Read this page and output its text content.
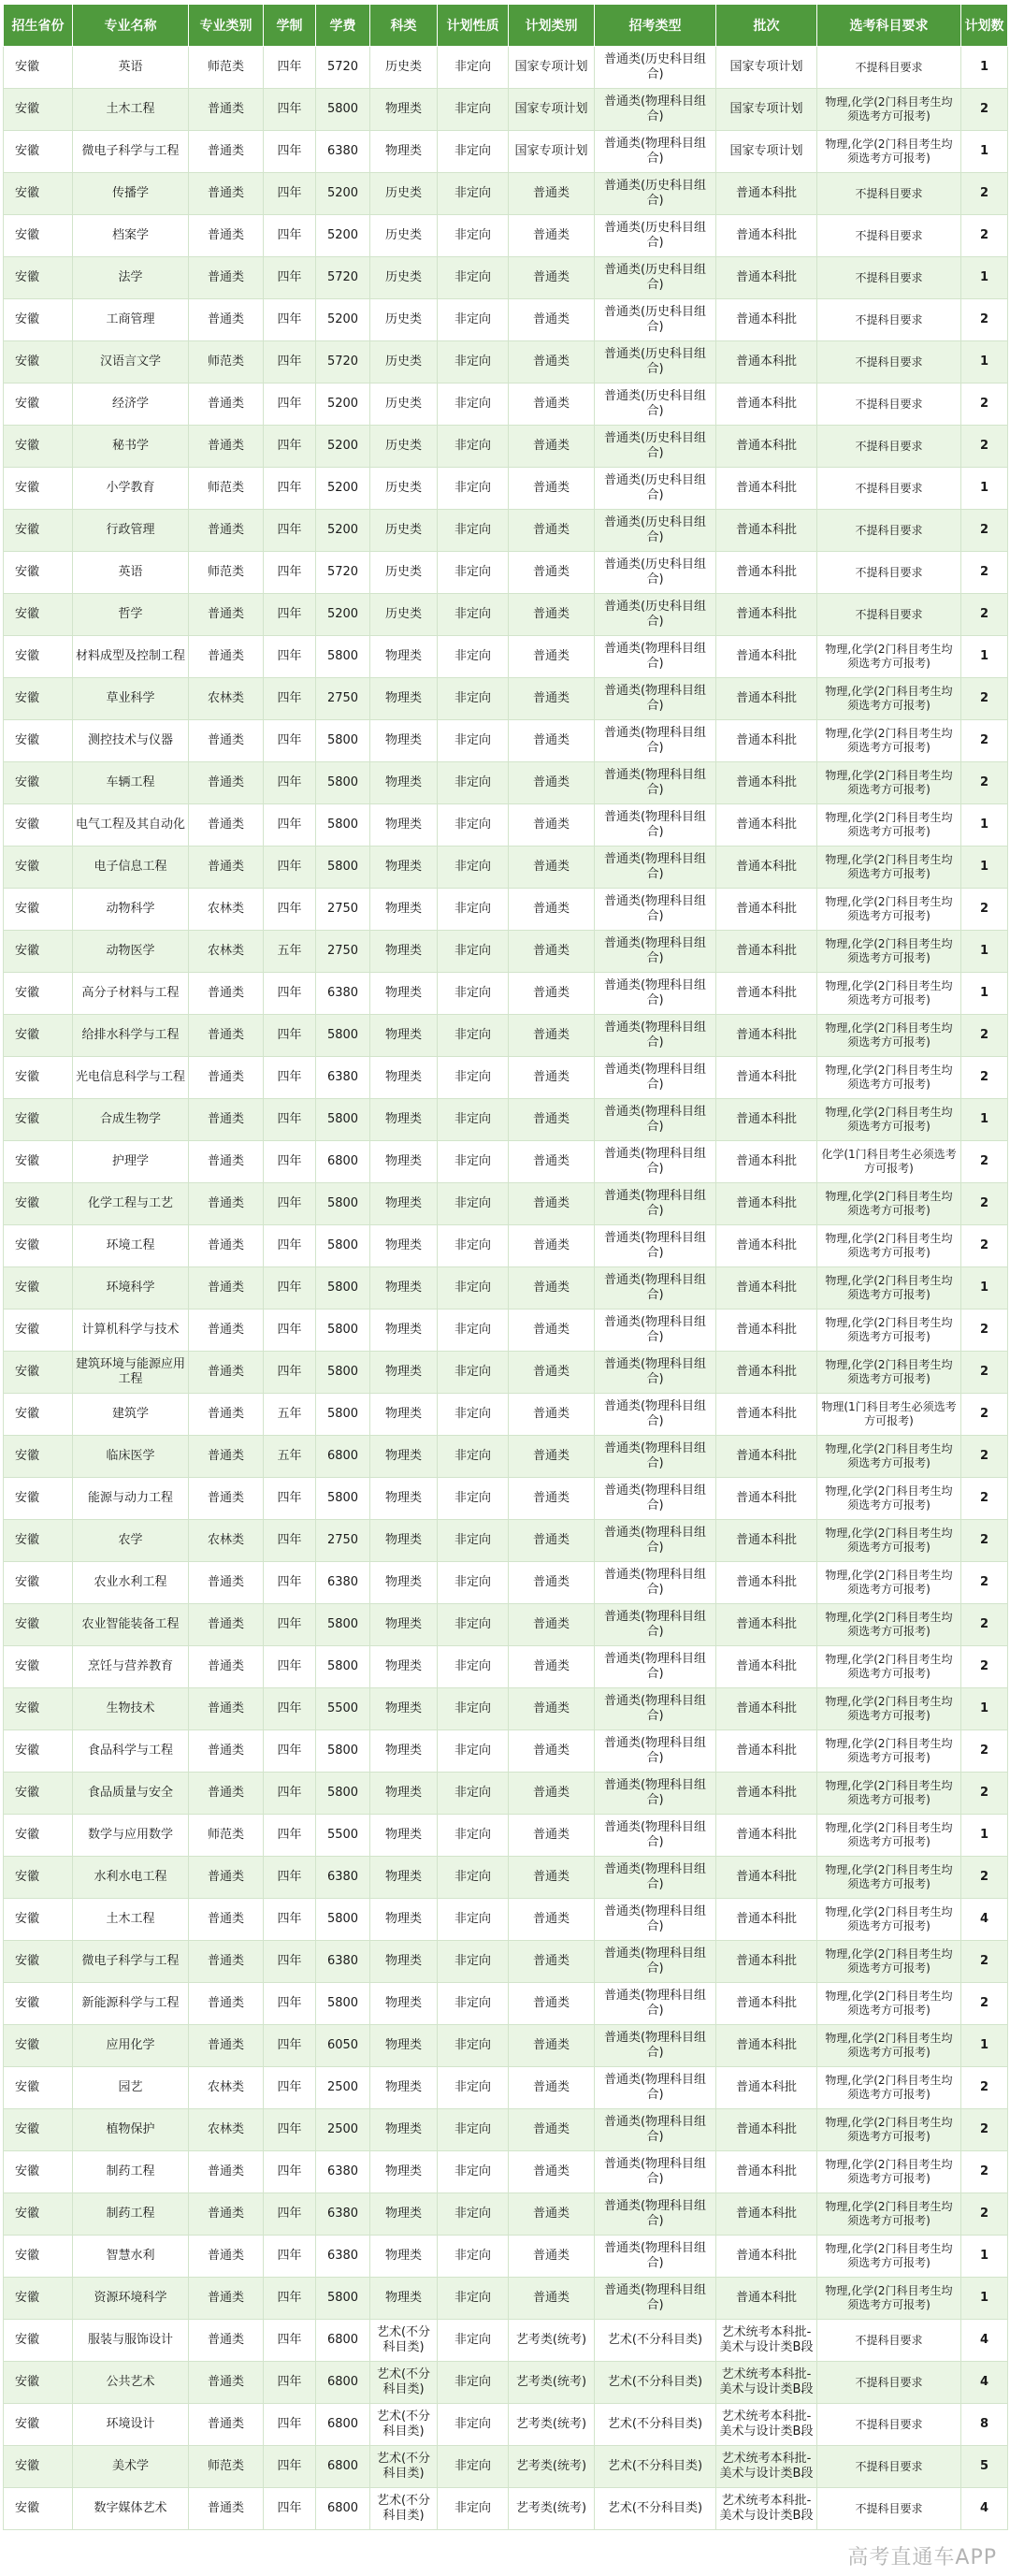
招生省份	专业名称	专业类别	学制	学费	科类	计划性质	计划类别	招考类型	批次	选考科目要求	计划数
安徽	英语	师范类	四年	5720	历史类	非定向	国家专项计划	普通类(历史科目组合)	国家专项计划	不提科目要求	1
安徽	土木工程	普通类	四年	5800	物理类	非定向	国家专项计划	普通类(物理科目组合)	国家专项计划	物理,化学(2门科目考生均须选考方可报考)	2
安徽	微电子科学与工程	普通类	四年	6380	物理类	非定向	国家专项计划	普通类(物理科目组合)	国家专项计划	物理,化学(2门科目考生均须选考方可报考)	1
安徽	传播学	普通类	四年	5200	历史类	非定向	普通类	普通类(历史科目组合)	普通本科批	不提科目要求	2
安徽	档案学	普通类	四年	5200	历史类	非定向	普通类	普通类(历史科目组合)	普通本科批	不提科目要求	2
安徽	法学	普通类	四年	5720	历史类	非定向	普通类	普通类(历史科目组合)	普通本科批	不提科目要求	1
安徽	工商管理	普通类	四年	5200	历史类	非定向	普通类	普通类(历史科目组合)	普通本科批	不提科目要求	2
安徽	汉语言文学	师范类	四年	5720	历史类	非定向	普通类	普通类(历史科目组合)	普通本科批	不提科目要求	1
安徽	经济学	普通类	四年	5200	历史类	非定向	普通类	普通类(历史科目组合)	普通本科批	不提科目要求	2
安徽	秘书学	普通类	四年	5200	历史类	非定向	普通类	普通类(历史科目组合)	普通本科批	不提科目要求	2
安徽	小学教育	师范类	四年	5200	历史类	非定向	普通类	普通类(历史科目组合)	普通本科批	不提科目要求	1
安徽	行政管理	普通类	四年	5200	历史类	非定向	普通类	普通类(历史科目组合)	普通本科批	不提科目要求	2
安徽	英语	师范类	四年	5720	历史类	非定向	普通类	普通类(历史科目组合)	普通本科批	不提科目要求	2
安徽	哲学	普通类	四年	5200	历史类	非定向	普通类	普通类(历史科目组合)	普通本科批	不提科目要求	2
安徽	材料成型及控制工程	普通类	四年	5800	物理类	非定向	普通类	普通类(物理科目组合)	普通本科批	物理,化学(2门科目考生均须选考方可报考)	1
安徽	草业科学	农林类	四年	2750	物理类	非定向	普通类	普通类(物理科目组合)	普通本科批	物理,化学(2门科目考生均须选考方可报考)	2
安徽	测控技术与仪器	普通类	四年	5800	物理类	非定向	普通类	普通类(物理科目组合)	普通本科批	物理,化学(2门科目考生均须选考方可报考)	2
安徽	车辆工程	普通类	四年	5800	物理类	非定向	普通类	普通类(物理科目组合)	普通本科批	物理,化学(2门科目考生均须选考方可报考)	2
安徽	电气工程及其自动化	普通类	四年	5800	物理类	非定向	普通类	普通类(物理科目组合)	普通本科批	物理,化学(2门科目考生均须选考方可报考)	1
安徽	电子信息工程	普通类	四年	5800	物理类	非定向	普通类	普通类(物理科目组合)	普通本科批	物理,化学(2门科目考生均须选考方可报考)	1
安徽	动物科学	农林类	四年	2750	物理类	非定向	普通类	普通类(物理科目组合)	普通本科批	物理,化学(2门科目考生均须选考方可报考)	2
安徽	动物医学	农林类	五年	2750	物理类	非定向	普通类	普通类(物理科目组合)	普通本科批	物理,化学(2门科目考生均须选考方可报考)	1
安徽	高分子材料与工程	普通类	四年	6380	物理类	非定向	普通类	普通类(物理科目组合)	普通本科批	物理,化学(2门科目考生均须选考方可报考)	1
安徽	给排水科学与工程	普通类	四年	5800	物理类	非定向	普通类	普通类(物理科目组合)	普通本科批	物理,化学(2门科目考生均须选考方可报考)	2
安徽	光电信息科学与工程	普通类	四年	6380	物理类	非定向	普通类	普通类(物理科目组合)	普通本科批	物理,化学(2门科目考生均须选考方可报考)	2
安徽	合成生物学	普通类	四年	5800	物理类	非定向	普通类	普通类(物理科目组合)	普通本科批	物理,化学(2门科目考生均须选考方可报考)	1
安徽	护理学	普通类	四年	6800	物理类	非定向	普通类	普通类(物理科目组合)	普通本科批	化学(1门科目考生必须选考方可报考)	2
安徽	化学工程与工艺	普通类	四年	5800	物理类	非定向	普通类	普通类(物理科目组合)	普通本科批	物理,化学(2门科目考生均须选考方可报考)	2
安徽	环境工程	普通类	四年	5800	物理类	非定向	普通类	普通类(物理科目组合)	普通本科批	物理,化学(2门科目考生均须选考方可报考)	2
安徽	环境科学	普通类	四年	5800	物理类	非定向	普通类	普通类(物理科目组合)	普通本科批	物理,化学(2门科目考生均须选考方可报考)	1
安徽	计算机科学与技术	普通类	四年	5800	物理类	非定向	普通类	普通类(物理科目组合)	普通本科批	物理,化学(2门科目考生均须选考方可报考)	2
安徽	建筑环境与能源应用工程	普通类	四年	5800	物理类	非定向	普通类	普通类(物理科目组合)	普通本科批	物理,化学(2门科目考生均须选考方可报考)	2
安徽	建筑学	普通类	五年	5800	物理类	非定向	普通类	普通类(物理科目组合)	普通本科批	物理(1门科目考生必须选考方可报考)	2
安徽	临床医学	普通类	五年	6800	物理类	非定向	普通类	普通类(物理科目组合)	普通本科批	物理,化学(2门科目考生均须选考方可报考)	2
安徽	能源与动力工程	普通类	四年	5800	物理类	非定向	普通类	普通类(物理科目组合)	普通本科批	物理,化学(2门科目考生均须选考方可报考)	2
安徽	农学	农林类	四年	2750	物理类	非定向	普通类	普通类(物理科目组合)	普通本科批	物理,化学(2门科目考生均须选考方可报考)	2
安徽	农业水利工程	普通类	四年	6380	物理类	非定向	普通类	普通类(物理科目组合)	普通本科批	物理,化学(2门科目考生均须选考方可报考)	2
安徽	农业智能装备工程	普通类	四年	5800	物理类	非定向	普通类	普通类(物理科目组合)	普通本科批	物理,化学(2门科目考生均须选考方可报考)	2
安徽	烹饪与营养教育	普通类	四年	5800	物理类	非定向	普通类	普通类(物理科目组合)	普通本科批	物理,化学(2门科目考生均须选考方可报考)	2
安徽	生物技术	普通类	四年	5500	物理类	非定向	普通类	普通类(物理科目组合)	普通本科批	物理,化学(2门科目考生均须选考方可报考)	1
安徽	食品科学与工程	普通类	四年	5800	物理类	非定向	普通类	普通类(物理科目组合)	普通本科批	物理,化学(2门科目考生均须选考方可报考)	2
安徽	食品质量与安全	普通类	四年	5800	物理类	非定向	普通类	普通类(物理科目组合)	普通本科批	物理,化学(2门科目考生均须选考方可报考)	2
安徽	数学与应用数学	师范类	四年	5500	物理类	非定向	普通类	普通类(物理科目组合)	普通本科批	物理,化学(2门科目考生均须选考方可报考)	1
安徽	水利水电工程	普通类	四年	6380	物理类	非定向	普通类	普通类(物理科目组合)	普通本科批	物理,化学(2门科目考生均须选考方可报考)	2
安徽	土木工程	普通类	四年	5800	物理类	非定向	普通类	普通类(物理科目组合)	普通本科批	物理,化学(2门科目考生均须选考方可报考)	4
安徽	微电子科学与工程	普通类	四年	6380	物理类	非定向	普通类	普通类(物理科目组合)	普通本科批	物理,化学(2门科目考生均须选考方可报考)	2
安徽	新能源科学与工程	普通类	四年	5800	物理类	非定向	普通类	普通类(物理科目组合)	普通本科批	物理,化学(2门科目考生均须选考方可报考)	2
安徽	应用化学	普通类	四年	6050	物理类	非定向	普通类	普通类(物理科目组合)	普通本科批	物理,化学(2门科目考生均须选考方可报考)	1
安徽	园艺	农林类	四年	2500	物理类	非定向	普通类	普通类(物理科目组合)	普通本科批	物理,化学(2门科目考生均须选考方可报考)	2
安徽	植物保护	农林类	四年	2500	物理类	非定向	普通类	普通类(物理科目组合)	普通本科批	物理,化学(2门科目考生均须选考方可报考)	2
安徽	制药工程	普通类	四年	6380	物理类	非定向	普通类	普通类(物理科目组合)	普通本科批	物理,化学(2门科目考生均须选考方可报考)	2
安徽	制药工程	普通类	四年	6380	物理类	非定向	普通类	普通类(物理科目组合)	普通本科批	物理,化学(2门科目考生均须选考方可报考)	2
安徽	智慧水利	普通类	四年	6380	物理类	非定向	普通类	普通类(物理科目组合)	普通本科批	物理,化学(2门科目考生均须选考方可报考)	1
安徽	资源环境科学	普通类	四年	5800	物理类	非定向	普通类	普通类(物理科目组合)	普通本科批	物理,化学(2门科目考生均须选考方可报考)	1
安徽	服装与服饰设计	普通类	四年	6800	艺术(不分科目类)	非定向	艺考类(统考)	艺术(不分科目类)	艺术统考本科批-美术与设计类B段	不提科目要求	4
安徽	公共艺术	普通类	四年	6800	艺术(不分科目类)	非定向	艺考类(统考)	艺术(不分科目类)	艺术统考本科批-美术与设计类B段	不提科目要求	4
安徽	环境设计	普通类	四年	6800	艺术(不分科目类)	非定向	艺考类(统考)	艺术(不分科目类)	艺术统考本科批-美术与设计类B段	不提科目要求	8
安徽	美术学	师范类	四年	6800	艺术(不分科目类)	非定向	艺考类(统考)	艺术(不分科目类)	艺术统考本科批-美术与设计类B段	不提科目要求	5
安徽	数字媒体艺术	普通类	四年	6800	艺术(不分科目类)	非定向	艺考类(统考)	艺术(不分科目类)	艺术统考本科批-美术与设计类B段	不提科目要求	4
高考直通车APP
